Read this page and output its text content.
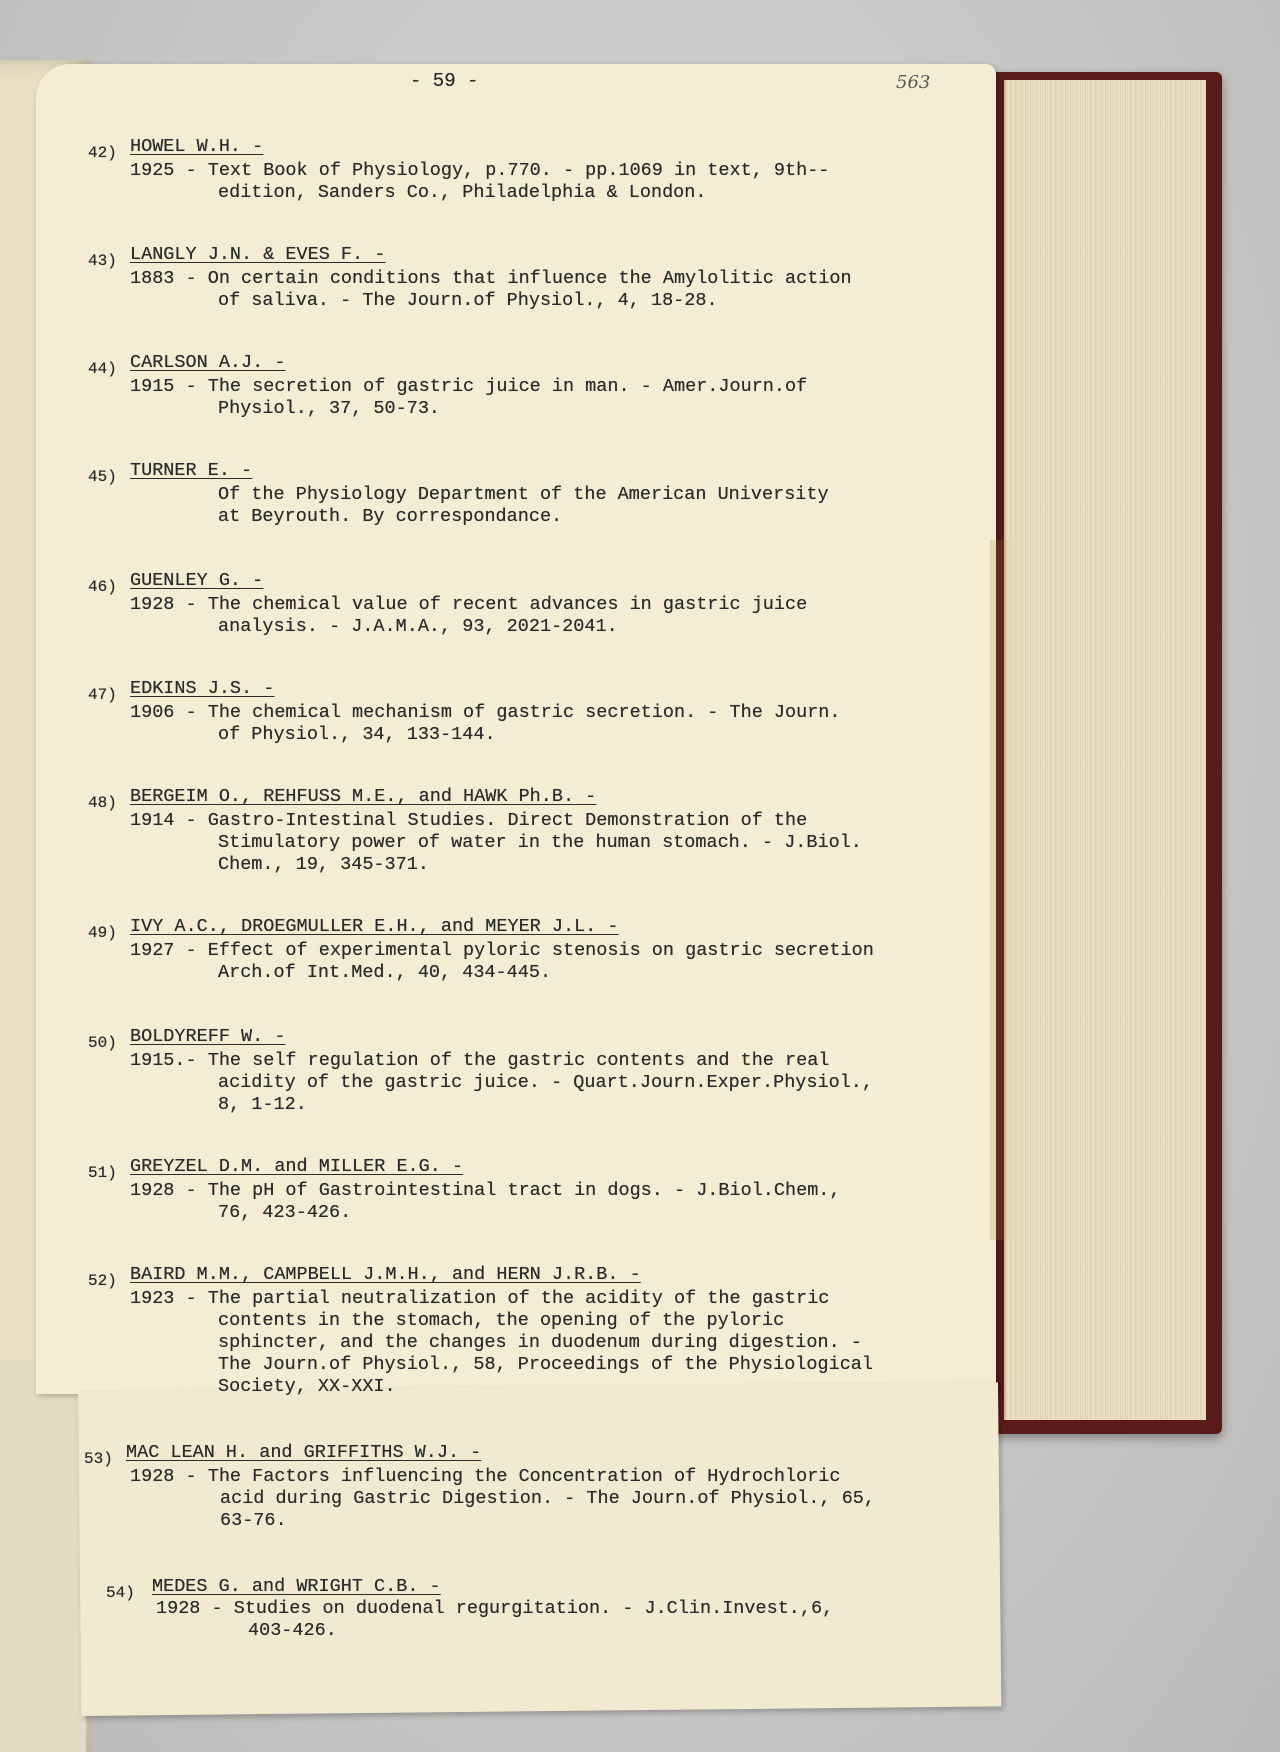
- 59 -	563
42) HOWEL W.H. -
1925 - Text Book of Physiology, p.770. - pp.1069 in text, 9th--
edition, Sanders Co., Philadelphia & London.
43) LANGLY J.N. & EVES F. -
1883 - On certain conditions that influence the Amylolitic action
of saliva. - The Journ.of Physiol., 4, 18-28.
44) CARLSON A.J. -
1915 - The secretion of gastric juice in man. - Amer.Journ.of
Physiol., 37, 50-73.
45) TURNER E. -
Of the Physiology Department of the American University
at Beyrouth. By correspondance.
46) GUENLEY G. -
1928 - The chemical value of recent advances in gastric juice
analysis. - J.A.M.A., 93, 2021-2041.
47) EDKINS J.S. -
1906 - The chemical mechanism of gastric secretion. - The Journ.
of Physiol., 34, 133-144.
48) BERGEIM O., REHFUSS M.E., and HAWK Ph.B. -
1914 - Gastro-Intestinal Studies. Direct Demonstration of the
Stimulatory power of water in the human stomach. - J.Biol.
Chem., 19, 345-371.
49) IVY A.C., DROEGMULLER E.H., and MEYER J.L. -
1927 - Effect of experimental pyloric stenosis on gastric secretion
Arch.of Int.Med., 40, 434-445.
50) BOLDYREFF W. -
1915.- The self regulation of the gastric contents and the real
acidity of the gastric juice. - Quart.Journ.Exper.Physiol.,
8, 1-12.
51) GREYZEL D.M. and MILLER E.G. -
1928 - The pH of Gastrointestinal tract in dogs. - J.Biol.Chem.,
76, 423-426.
52) BAIRD M.M., CAMPBELL J.M.H., and HERN J.R.B. -
1923 - The partial neutralization of the acidity of the gastric
contents in the stomach, the opening of the pyloric
sphincter, and the changes in duodenum during digestion. -
The Journ.of Physiol., 58, Proceedings of the Physiological
Society, XX-XXI.
53) MAC LEAN H. and GRIFFITHS W.J. -
1928 - The Factors influencing the Concentration of Hydrochloric
acid during Gastric Digestion. - The Journ.of Physiol., 65,
63-76.
54) MEDES G. and WRIGHT C.B. -
1928 - Studies on duodenal regurgitation. - J.Clin.Invest.,6,
403-426.
